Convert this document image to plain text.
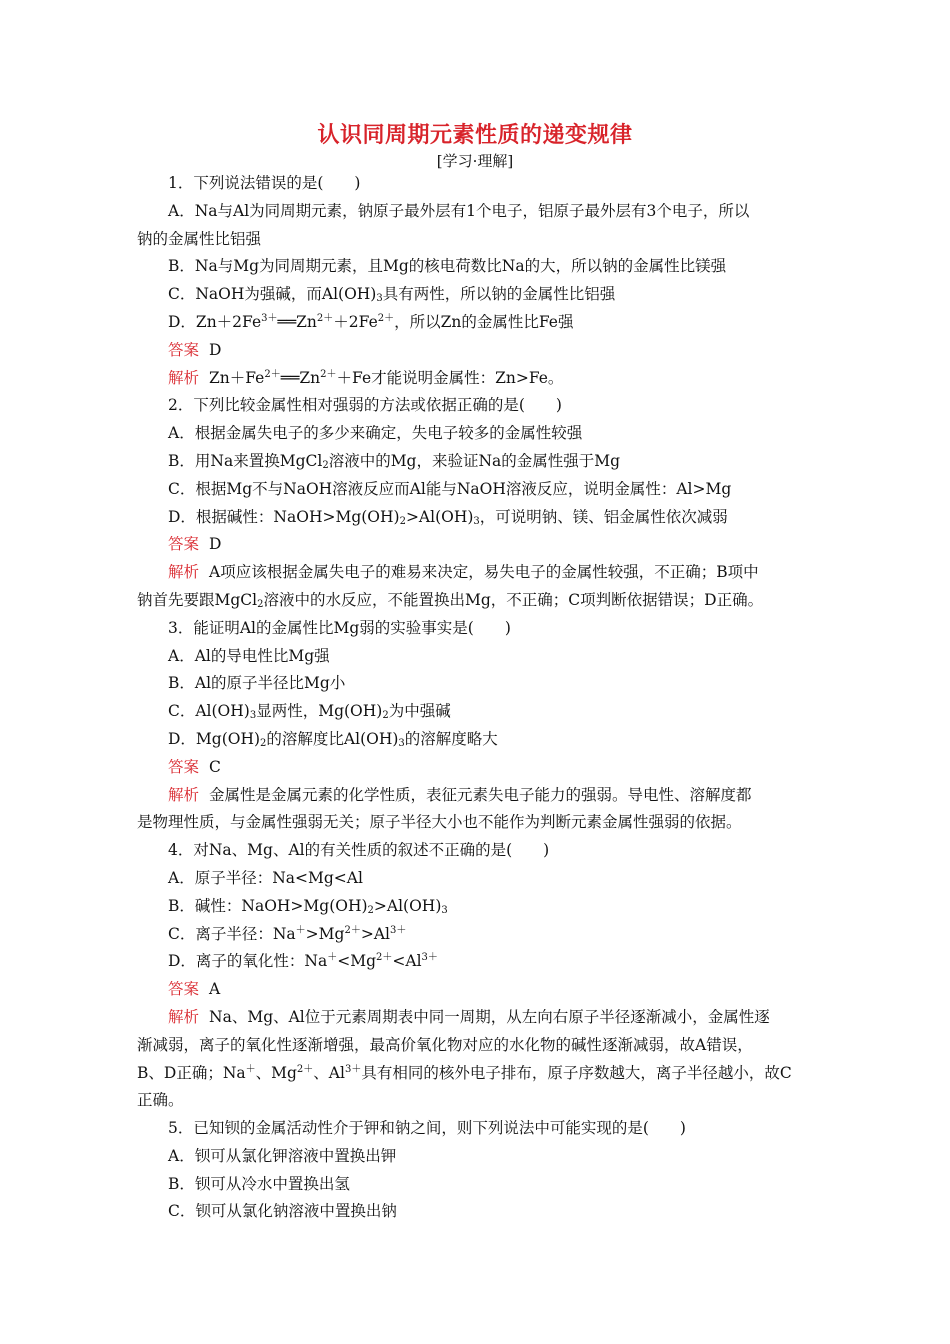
认识同周期元素性质的递变规律
[学习·理解]
1．下列说法错误的是(　　)
A．Na与Al为同周期元素，钠原子最外层有1个电子，铝原子最外层有3个电子，所以
钠的金属性比铝强
B．Na与Mg为同周期元素，且Mg的核电荷数比Na的大，所以钠的金属性比镁强
C．NaOH为强碱，而$Al(OH)_3$具有两性，所以钠的金属性比铝强
D．$Zn+2Fe^{3+}══Zn^{2+}+2Fe^{2+}$，所以Zn的金属性比Fe强
答案 D
解析 $Zn+Fe^{2+}══Zn^{2+}+Fe$才能说明金属性：Zn>Fe。
2．下列比较金属性相对强弱的方法或依据正确的是(　　)
A．根据金属失电子的多少来确定，失电子较多的金属性较强
B．用Na来置换MgCl$_2$溶液中的Mg，来验证Na的金属性强于Mg
C．根据Mg不与NaOH溶液反应而Al能与NaOH溶液反应，说明金属性：Al>Mg
D．根据碱性：$NaOH>Mg(OH)_2>Al(OH)_3$，可说明钠、镁、铝金属性依次减弱
答案 D
解析 A项应该根据金属失电子的难易来决定，易失电子的金属性较强，不正确；B项中
钠首先要跟MgCl$_2$溶液中的水反应，不能置换出Mg，不正确；C项判断依据错误；D正确。
3．能证明Al的金属性比Mg弱的实验事实是(　　)
A．Al的导电性比Mg强
B．Al的原子半径比Mg小
C．$Al(OH)_3$显两性，$Mg(OH)_2$为中强碱
D．$Mg(OH)_2$的溶解度比$Al(OH)_3$的溶解度略大
答案 C
解析 金属性是金属元素的化学性质，表征元素失电子能力的强弱。导电性、溶解度都
是物理性质，与金属性强弱无关；原子半径大小也不能作为判断元素金属性强弱的依据。
4．对Na、Mg、Al的有关性质的叙述不正确的是(　　)
A．原子半径：Na<Mg<Al
B．碱性：$NaOH>Mg(OH)_2>Al(OH)_3$
C．离子半径：$Na^+>Mg^{2+}>Al^{3+}$
D．离子的氧化性：$Na^+<Mg^{2+}<Al^{3+}$
答案 A
解析 Na、Mg、Al位于元素周期表中同一周期，从左向右原子半径逐渐减小，金属性逐
渐减弱，离子的氧化性逐渐增强，最高价氧化物对应的水化物的碱性逐渐减弱，故A错误，
B、D正确；Na＋、$Mg^{2+}$、$Al^{3+}$具有相同的核外电子排布，原子序数越大，离子半径越小，故C
正确。
5．已知钡的金属活动性介于钾和钠之间，则下列说法中可能实现的是(　　)
A．钡可从氯化钾溶液中置换出钾
B．钡可从冷水中置换出氢
C．钡可从氯化钠溶液中置换出钠
